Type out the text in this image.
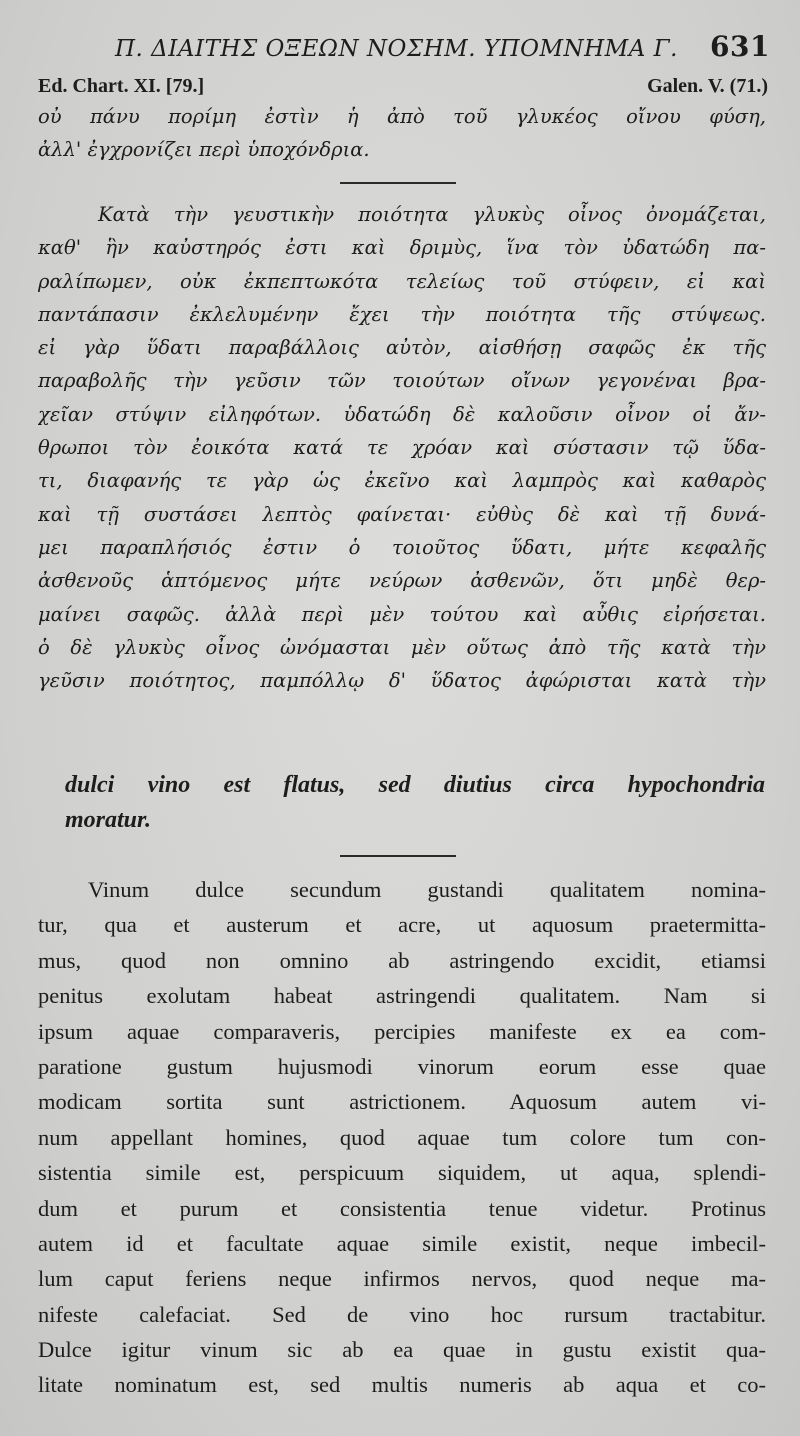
Π. ΔΙΑΙΤΗΣ ΟΞΕΩΝ ΝΟΣΗΜ. ΥΠΟΜΝΗΜΑ Γ. 631
Ed. Chart. XI. [79.]	Galen. V. (71.)
οὐ πάνυ πορίμη ἐστὶν ἡ ἀπὸ τοῦ γλυκέος οἴνου φύση,
ἀλλ' ἐγχρονίζει περὶ ὑποχόνδρια.
Κατὰ τὴν γευστικὴν ποιότητα γλυκὺς οἶνος ὀνομάζεται,
καθ' ἣν καὐστηρός ἐστι καὶ δριμὺς, ἵνα τὸν ὑδατώδη πα-
ραλίπωμεν, οὐκ ἐκπεπτωκότα τελείως τοῦ στύφειν, εἰ καὶ
παντάπασιν ἐκλελυμένην ἔχει τὴν ποιότητα τῆς στύψεως.
εἰ γὰρ ὕδατι παραβάλλοις αὐτὸν, αἰσθήσῃ σαφῶς ἐκ τῆς
παραβολῆς τὴν γεῦσιν τῶν τοιούτων οἴνων γεγονέναι βρα-
χεῖαν στύψιν εἰληφότων. ὑδατώδη δὲ καλοῦσιν οἶνον οἱ ἄν-
θρωποι τὸν ἐοικότα κατά τε χρόαν καὶ σύστασιν τῷ ὕδα-
τι, διαφανής τε γὰρ ὡς ἐκεῖνο καὶ λαμπρὸς καὶ καθαρὸς
καὶ τῇ συστάσει λεπτὸς φαίνεται· εὐθὺς δὲ καὶ τῇ δυνά-
μει παραπλήσιός ἐστιν ὁ τοιοῦτος ὕδατι, μήτε κεφαλῆς
ἀσθενοῦς ἁπτόμενος μήτε νεύρων ἀσθενῶν, ὅτι μηδὲ θερ-
μαίνει σαφῶς. ἀλλὰ περὶ μὲν τούτου καὶ αὖθις εἰρήσεται.
ὁ δὲ γλυκὺς οἶνος ὠνόμασται μὲν οὕτως ἀπὸ τῆς κατὰ τὴν
γεῦσιν ποιότητος, παμπόλλῳ δ' ὕδατος ἀφώρισται κατὰ τὴν
dulci vino est flatus, sed diutius circa hypochondria
moratur.
Vinum dulce secundum gustandi qualitatem nomina-
tur, qua et austerum et acre, ut aquosum praetermitta-
mus, quod non omnino ab astringendo excidit, etiamsi
penitus exolutam habeat astringendi qualitatem. Nam si
ipsum aquae comparaveris, percipies manifeste ex ea com-
paratione gustum hujusmodi vinorum eorum esse quae
modicam sortita sunt astrictionem. Aquosum autem vi-
num appellant homines, quod aquae tum colore tum con-
sistentia simile est, perspicuum siquidem, ut aqua, splendi-
dum et purum et consistentia tenue videtur. Protinus
autem id et facultate aquae simile existit, neque imbecil-
lum caput feriens neque infirmos nervos, quod neque ma-
nifeste calefaciat. Sed de vino hoc rursum tractabitur.
Dulce igitur vinum sic ab ea quae in gustu existit qua-
litate nominatum est, sed multis numeris ab aqua et co-
